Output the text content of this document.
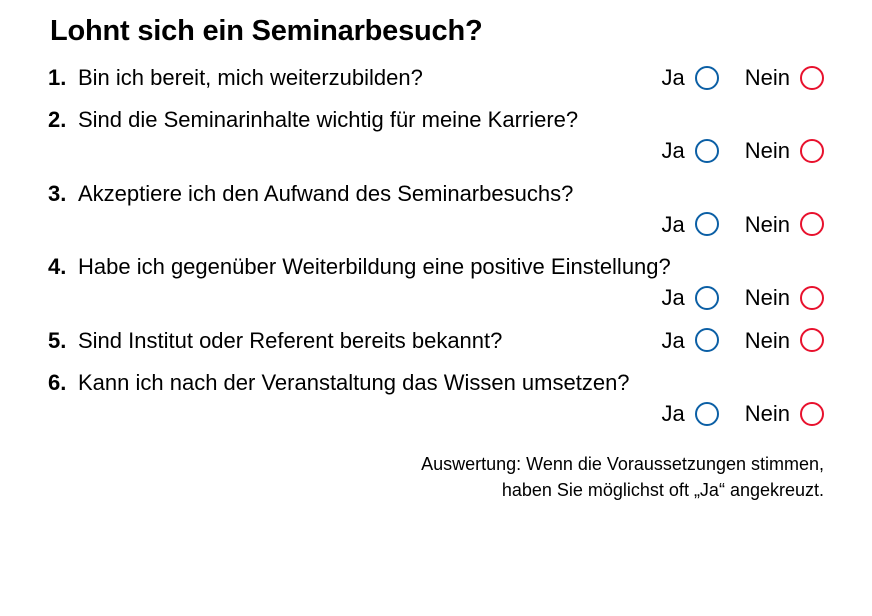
Lohnt sich ein Seminarbesuch?
1. Bin ich bereit, mich weiterzubilden?	Ja	Nein
2. Sind die Seminarinhalte wichtig für meine Karriere?
Ja	Nein
3. Akzeptiere ich den Aufwand des Seminarbesuchs?
Ja	Nein
4. Habe ich gegenüber Weiterbildung eine positive Einstellung?
Ja	Nein
5. Sind Institut oder Referent bereits bekannt?	Ja	Nein
6. Kann ich nach der Veranstaltung das Wissen umsetzen?
Ja	Nein
Auswertung: Wenn die Voraussetzungen stimmen,
haben Sie möglichst oft „Ja“ angekreuzt.
